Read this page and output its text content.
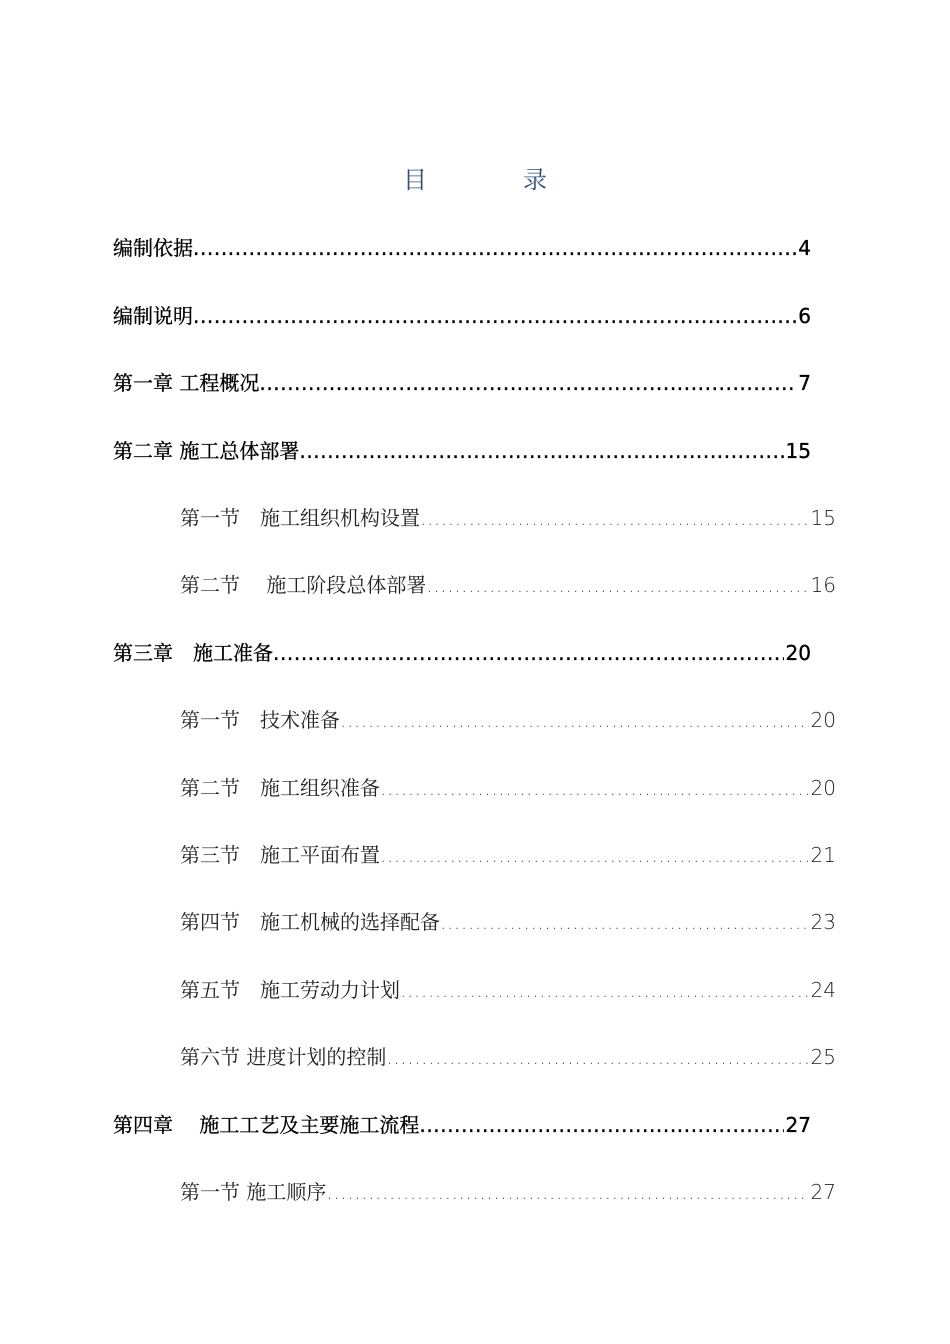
目　录
编制依据 .....	4
编制说明 .....	6
第一章 工程概况 .....	7
第二章 施工总体部署 .....	15
第一节　施工组织机构设置 .....	15
第二节　 施工阶段总体部署 .....	16
第三章　施工准备 .....	20
第一节　技术准备 .....	20
第二节　施工组织准备 .....	20
第三节　施工平面布置 .....	21
第四节　施工机械的选择配备 .....	23
第五节　施工劳动力计划 .....	24
第六节 进度计划的控制 .....	25
第四章　 施工工艺及主要施工流程 .....	27
第一节 施工顺序 .....	27
